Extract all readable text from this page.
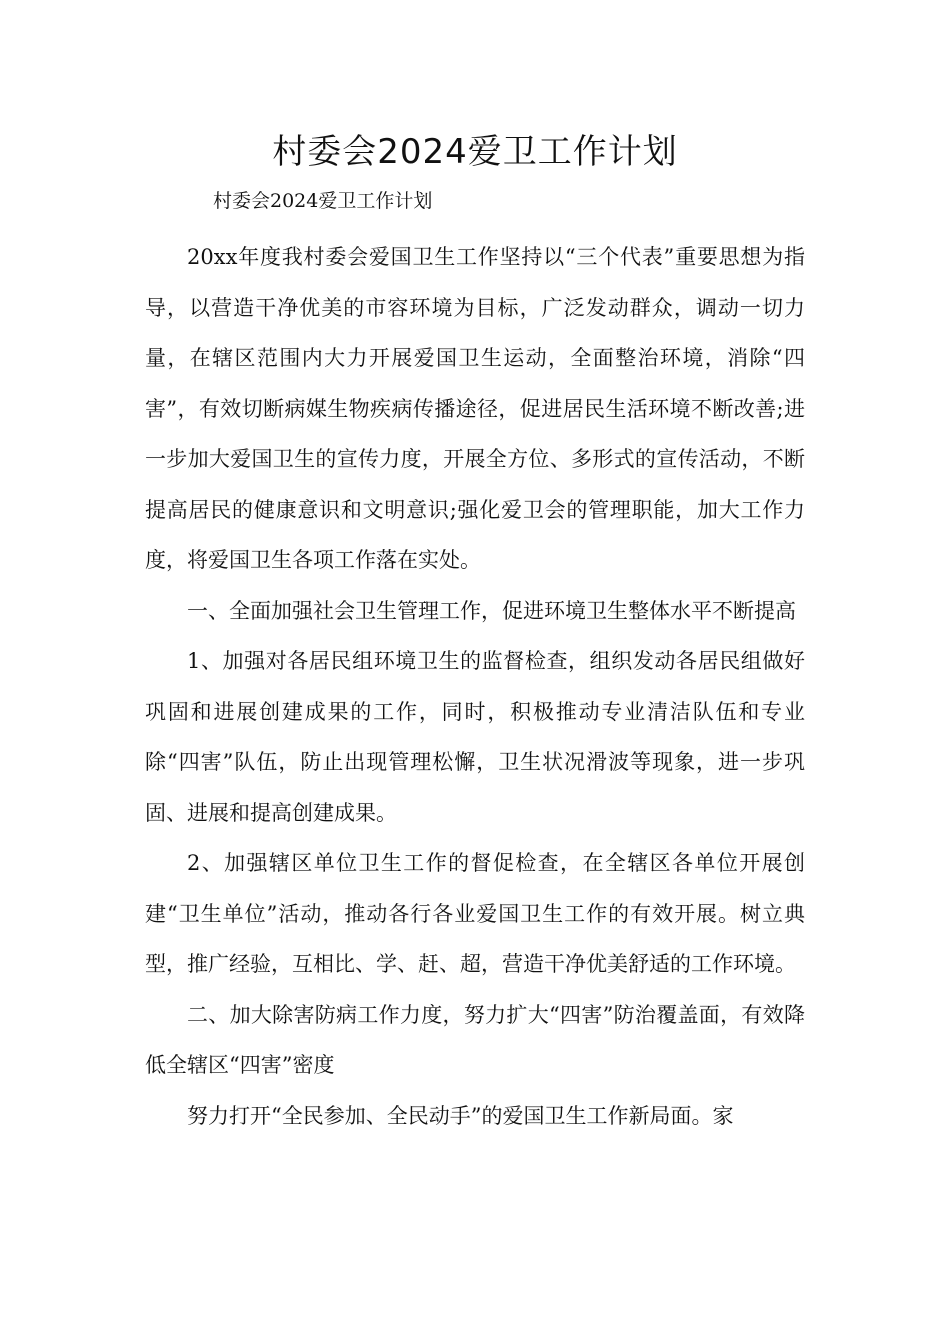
村委会2024爱卫工作计划
村委会2024爱卫工作计划

20xx年度我村委会爱国卫生工作坚持以“三个代表”重要思想为指导，以营造干净优美的市容环境为目标，广泛发动群众，调动一切力量，在辖区范围内大力开展爱国卫生运动，全面整治环境，消除“四害”，有效切断病媒生物疾病传播途径，促进居民生活环境不断改善;进一步加大爱国卫生的宣传力度，开展全方位、多形式的宣传活动，不断提高居民的健康意识和文明意识;强化爱卫会的管理职能，加大工作力度，将爱国卫生各项工作落在实处。

一、全面加强社会卫生管理工作，促进环境卫生整体水平不断提高

1、加强对各居民组环境卫生的监督检查，组织发动各居民组做好巩固和进展创建成果的工作，同时，积极推动专业清洁队伍和专业除“四害”队伍，防止出现管理松懈，卫生状况滑波等现象，进一步巩固、进展和提高创建成果。

2、加强辖区单位卫生工作的督促检查，在全辖区各单位开展创建“卫生单位”活动，推动各行各业爱国卫生工作的有效开展。树立典型，推广经验，互相比、学、赶、超，营造干净优美舒适的工作环境。

二、加大除害防病工作力度，努力扩大“四害”防治覆盖面，有效降低全辖区“四害”密度

努力打开“全民参加、全民动手”的爱国卫生工作新局面。家
